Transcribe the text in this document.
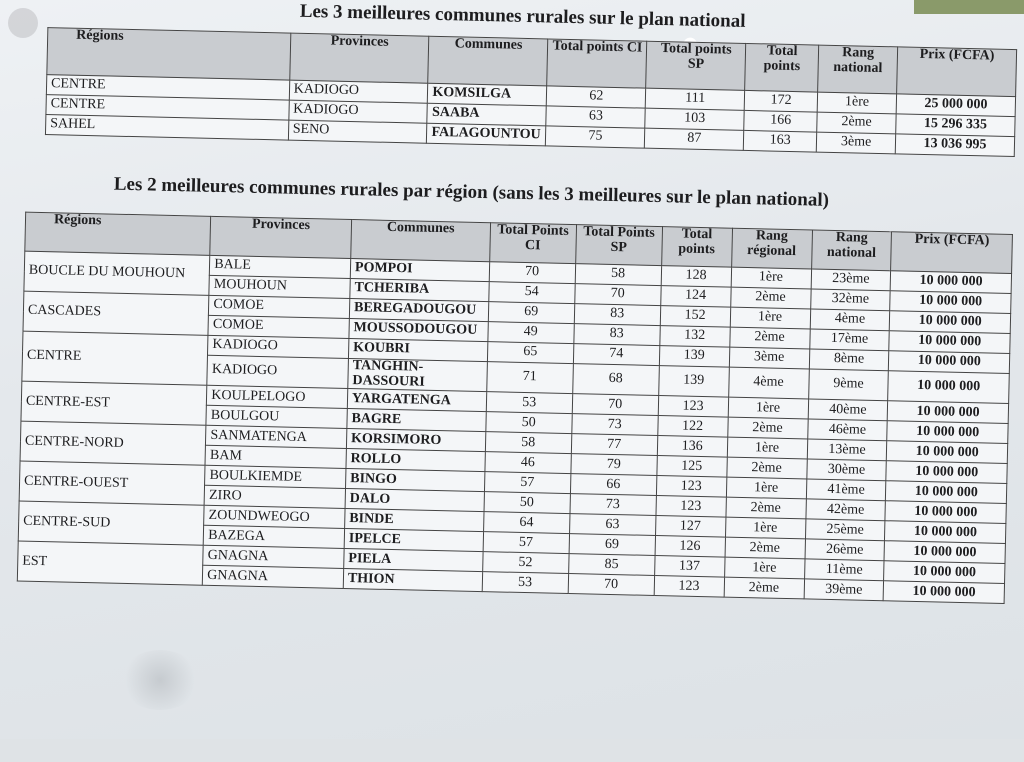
Les 3 meilleures communes rurales sur le plan national
Régions	Provinces	Communes	Total points CI	Total points SP	Total points	Rang national	Prix (FCFA)
CENTRE	KADIOGO	KOMSILGA	62	111	172	1ère	25 000 000
CENTRE	KADIOGO	SAABA	63	103	166	2ème	15 296 335
SAHEL	SENO	FALAGOUNTOU	75	87	163	3ème	13 036 995
Les 2 meilleures communes rurales par région (sans les 3 meilleures sur le plan national)
Régions	Provinces	Communes	Total Points CI	Total Points SP	Total points	Rang régional	Rang national	Prix (FCFA)
BOUCLE DU MOUHOUN	BALE	POMPOI	70	58	128	1ère	23ème	10 000 000
	MOUHOUN	TCHERIBA	54	70	124	2ème	32ème	10 000 000
CASCADES	COMOE	BEREGADOUGOU	69	83	152	1ère	4ème	10 000 000
	COMOE	MOUSSODOUGOU	49	83	132	2ème	17ème	10 000 000
CENTRE	KADIOGO	KOUBRI	65	74	139	3ème	8ème	10 000 000
	KADIOGO	TANGHIN-DASSOURI	71	68	139	4ème	9ème	10 000 000
CENTRE-EST	KOULPELOGO	YARGATENGA	53	70	123	1ère	40ème	10 000 000
	BOULGOU	BAGRE	50	73	122	2ème	46ème	10 000 000
CENTRE-NORD	SANMATENGA	KORSIMORO	58	77	136	1ère	13ème	10 000 000
	BAM	ROLLO	46	79	125	2ème	30ème	10 000 000
CENTRE-OUEST	BOULKIEMDE	BINGO	57	66	123	1ère	41ème	10 000 000
	ZIRO	DALO	50	73	123	2ème	42ème	10 000 000
CENTRE-SUD	ZOUNDWEOGO	BINDE	64	63	127	1ère	25ème	10 000 000
	BAZEGA	IPELCE	57	69	126	2ème	26ème	10 000 000
EST	GNAGNA	PIELA	52	85	137	1ère	11ème	10 000 000
	GNAGNA	THION	53	70	123	2ème	39ème	10 000 000
